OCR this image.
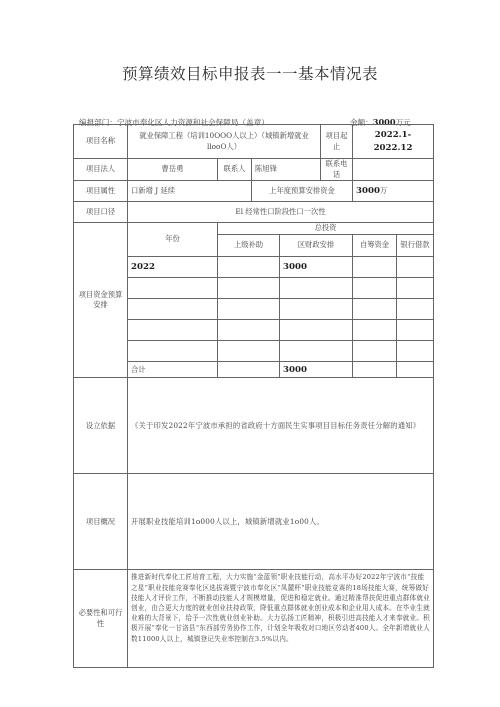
预算绩效目标申报表一一基本情况表
编报部门：宁波市奉化区人力资源和社会保障局（盖章）	金额：3000万元
项目名称	就业保障工程（培训10OOO人以上）（城镇新增就业llooO人）				项目起止	2022.1-2022.12		
项目法人	曹岳勇	联系人	陈旭锋		联系电话			
项目属性	口新增 J 延续		上年度预算安排资金			3000万		
项目口径	El 经常性口阶段性口一次性							
项目资金预算安排	年份	总投资						
		上级补助		区财政安排		自筹资金	银行借款	
	2022			3000			

	合计			3000			
设立依据	《关于印发2022年宁波市承担的省政府十方面民生实事项目目标任务责任分解的通知》							
项目概况	开展职业技能培训1o000人以上，城镇新增就业1o00人。							
必要性和可行性	推进新时代奉化工匠培育工程，大力实施“金蓝领”职业技能行动，高水平办好2022年宁波市“技能之星”职业技能竞赛奉化区选拔赛暨宁波市奉化区“凤麓杯”职业技能竞赛的18场技能大赛，统筹做好技能人才评价工作，不断推动技能人才规模增量，促进和稳定就业。通过精准帮扶促进重点群体就业创业，由合更大力度的就业创业扶持政策，降低重点群体就业创业成本和企业用人成本。在毕业生就业难的大背景下，给予一次性就业创业补助。大力弘扬工匠精神，积极引进高技能人才来奉就业。积极开展“奉化一甘洛县“东西部劳务协作工作，计划全年吸收对口地区劳动者400人。全年新增就业人数11000人以上，城镇登记失业率控制在3.5%以内。							
